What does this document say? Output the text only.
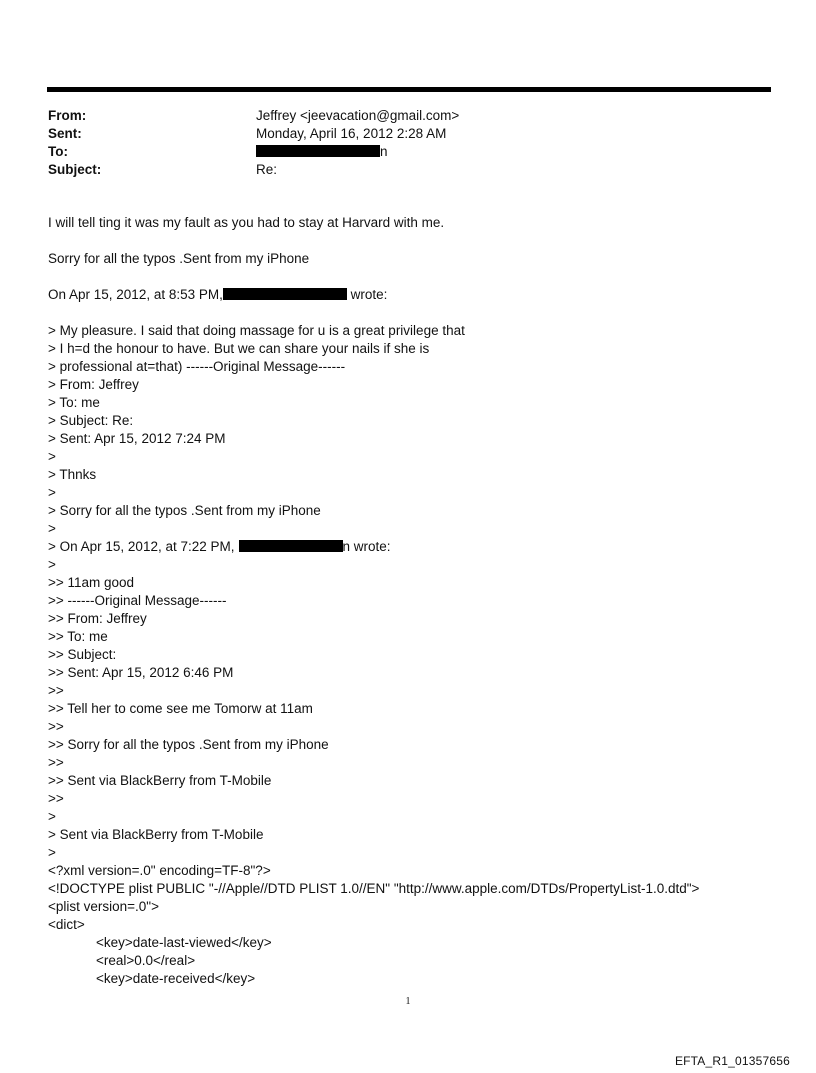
From:	Jeffrey <jeevacation@gmail.com>
Sent:	Monday, April 16, 2012 2:28 AM
To:	n
Subject:	Re:

I will tell ting it was my fault as you had to stay at Harvard with me.

Sorry for all the typos .Sent from my iPhone

On Apr 15, 2012, at 8:53 PM,	wrote:

> My pleasure. I said that doing massage for u is a great privilege that
> I h=d the honour to have. But we can share your nails if she is
> professional at=that) ------Original Message------
> From: Jeffrey
> To: me
> Subject: Re:
> Sent: Apr 15, 2012 7:24 PM
>
> Thnks
>
> Sorry for all the typos .Sent from my iPhone
>
> On Apr 15, 2012, at 7:22 PM,	n wrote:
>
>> 11am good
>> ------Original Message------
>> From: Jeffrey
>> To: me
>> Subject:
>> Sent: Apr 15, 2012 6:46 PM
>>
>> Tell her to come see me Tomorw at 11am
>>
>> Sorry for all the typos .Sent from my iPhone
>>
>> Sent via BlackBerry from T-Mobile
>>
>
> Sent via BlackBerry from T-Mobile
>
<?xml version=.0" encoding=TF-8"?>
<!DOCTYPE plist PUBLIC "-//Apple//DTD PLIST 1.0//EN" "http://www.apple.com/DTDs/PropertyList-1.0.dtd">
<plist version=.0">
<dict>
<key>date-last-viewed</key>
<real>0.0</real>
<key>date-received</key>
1
EFTA_R1_01357656
